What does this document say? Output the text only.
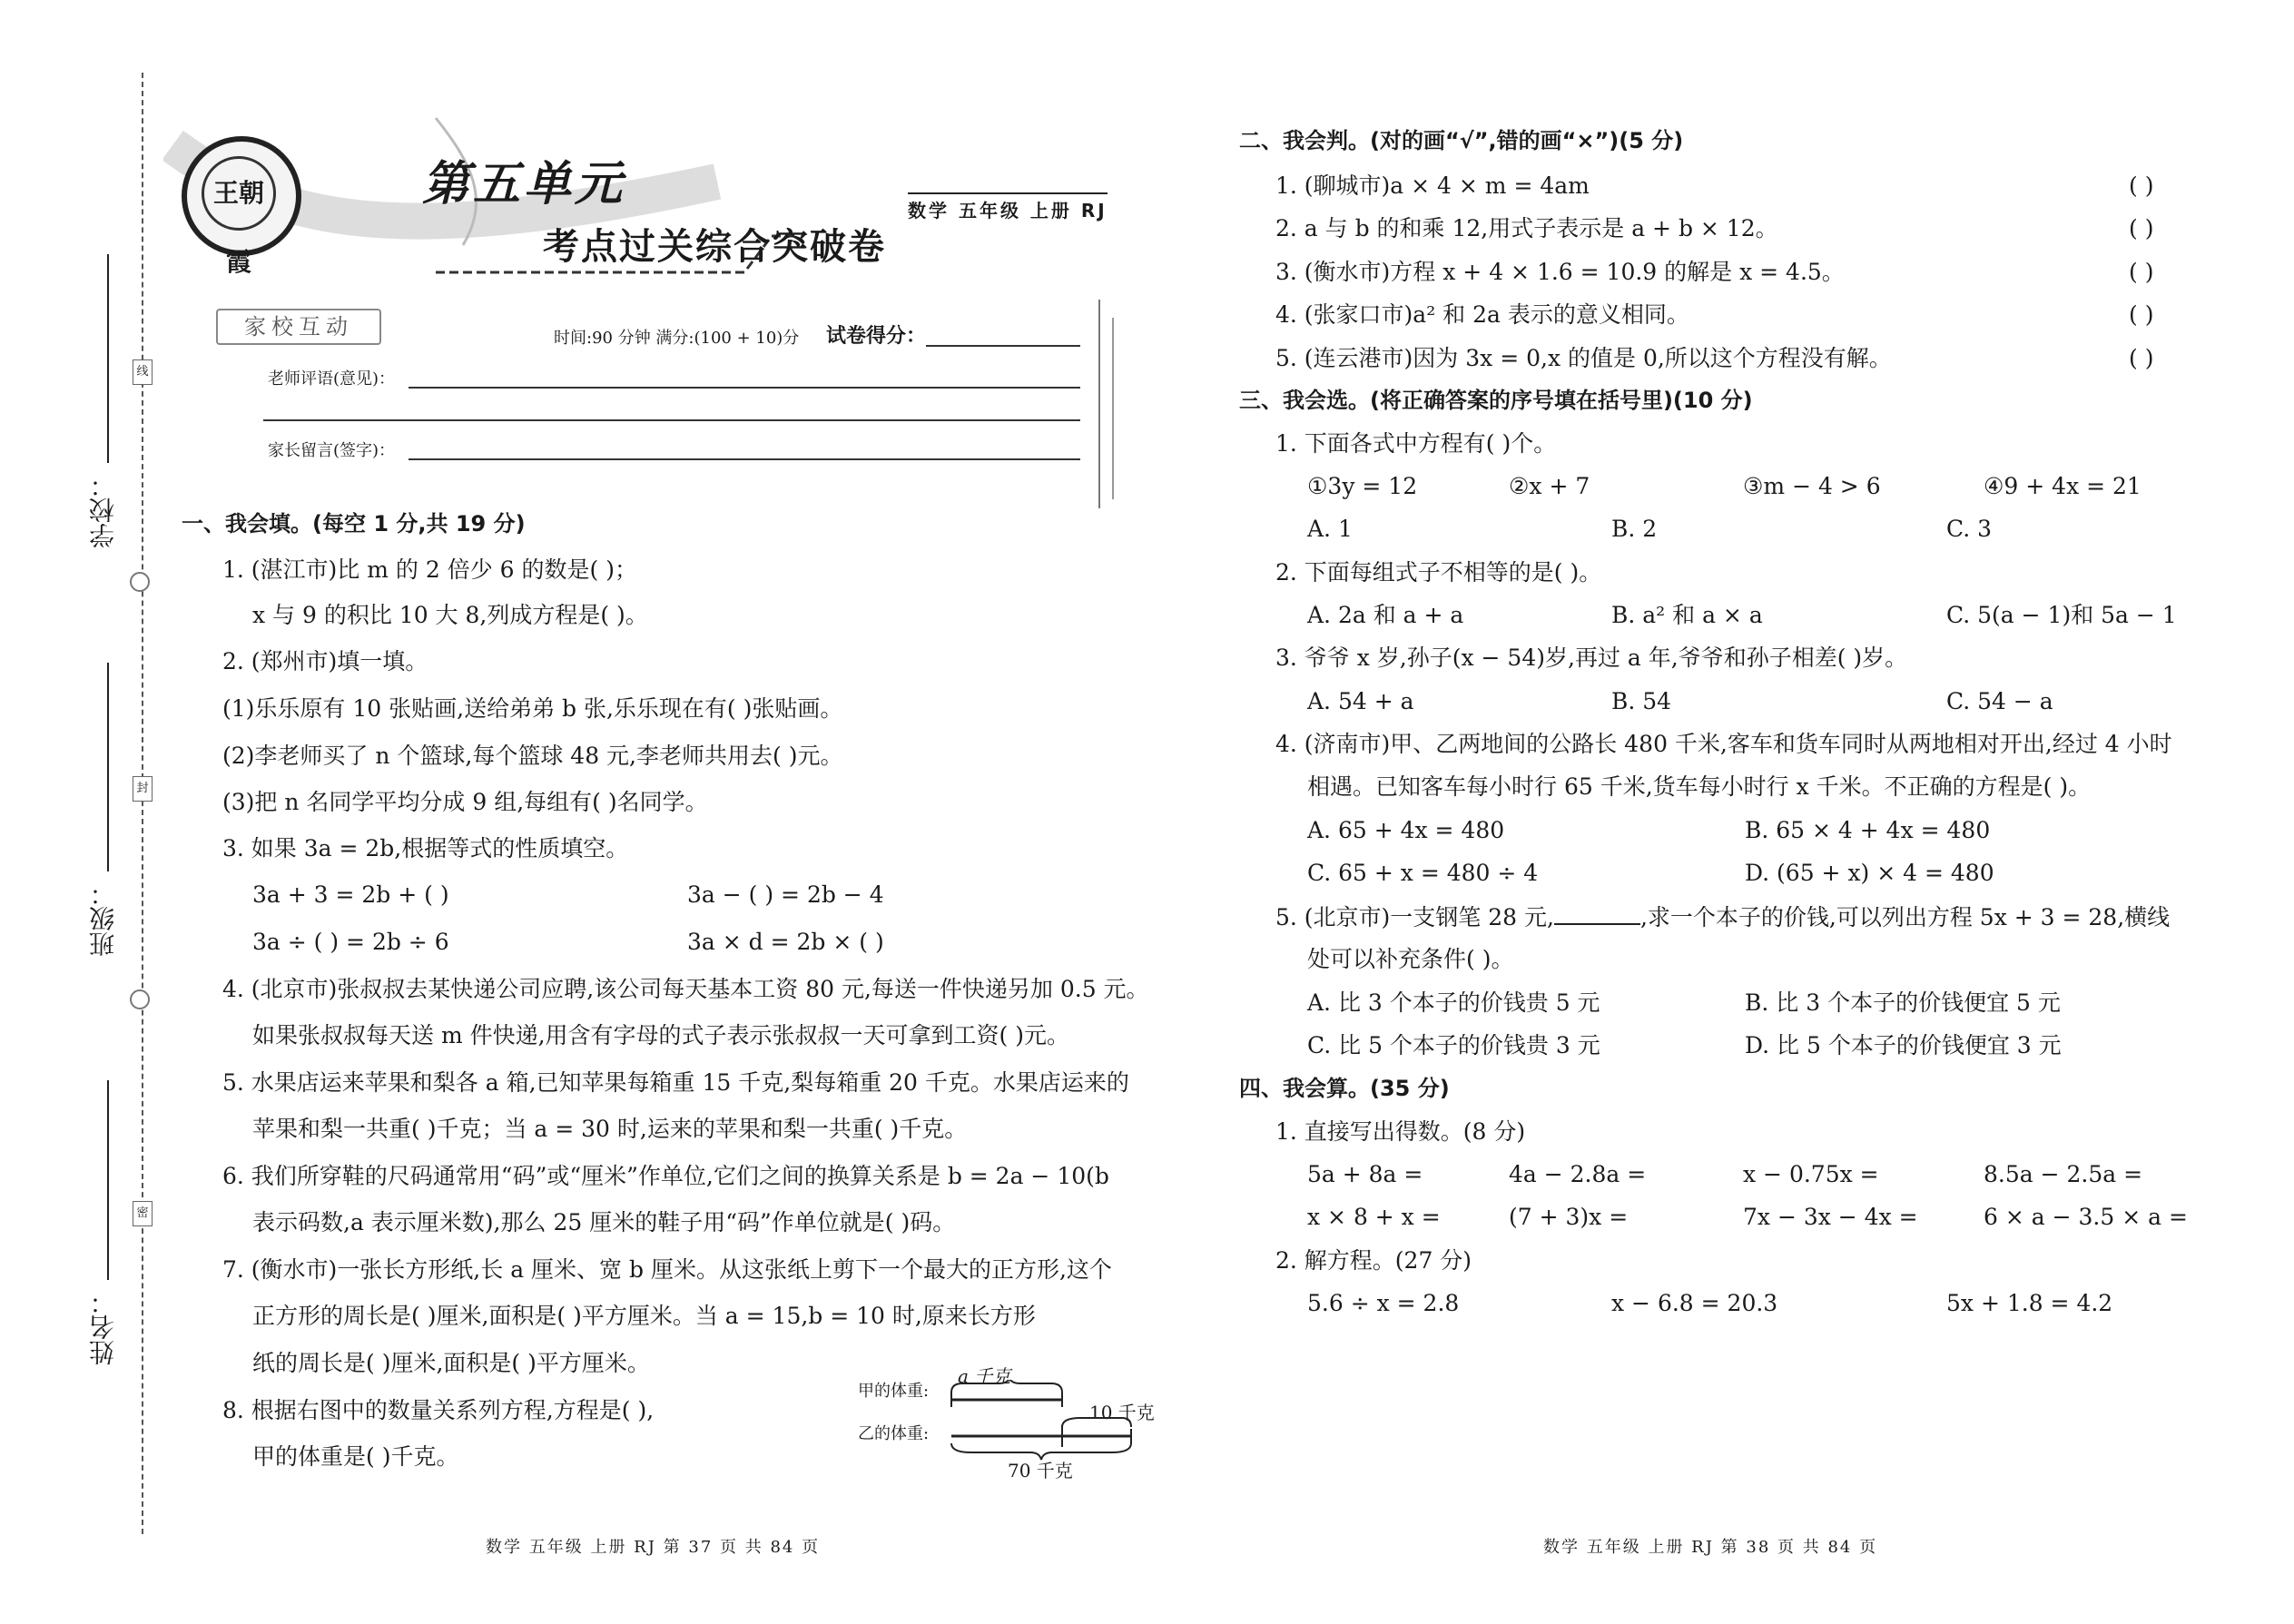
学校：
班级：
姓名：
线
封
密
王朝霞
第五单元
考点过关综合突破卷
数学 五年级 上册 RJ
家校互动	时间:90 分钟 满分:(100 + 10)分 试卷得分：
老师评语(意见)：
家长留言(签字)：
一、我会填。(每空 1 分,共 19 分)
1. (湛江市)比 m 的 2 倍少 6 的数是( )；
x 与 9 的积比 10 大 8,列成方程是( )。
2. (郑州市)填一填。
(1)乐乐原有 10 张贴画,送给弟弟 b 张,乐乐现在有( )张贴画。
(2)李老师买了 n 个篮球,每个篮球 48 元,李老师共用去( )元。
(3)把 n 名同学平均分成 9 组,每组有( )名同学。
3. 如果 3a = 2b,根据等式的性质填空。
3a + 3 = 2b + ( )	3a − ( ) = 2b − 4
3a ÷ ( ) = 2b ÷ 6	3a × d = 2b × ( )
4. (北京市)张叔叔去某快递公司应聘,该公司每天基本工资 80 元,每送一件快递另加 0.5 元。
如果张叔叔每天送 m 件快递,用含有字母的式子表示张叔叔一天可拿到工资( )元。
5. 水果店运来苹果和梨各 a 箱,已知苹果每箱重 15 千克,梨每箱重 20 千克。水果店运来的
苹果和梨一共重( )千克；当 a = 30 时,运来的苹果和梨一共重( )千克。
6. 我们所穿鞋的尺码通常用“码”或“厘米”作单位,它们之间的换算关系是 b = 2a − 10(b
表示码数,a 表示厘米数),那么 25 厘米的鞋子用“码”作单位就是( )码。
7. (衡水市)一张长方形纸,长 a 厘米、宽 b 厘米。从这张纸上剪下一个最大的正方形,这个
正方形的周长是( )厘米,面积是( )平方厘米。当 a = 15,b = 10 时,原来长方形
纸的周长是( )厘米,面积是( )平方厘米。
8. 根据右图中的数量关系列方程,方程是( ),
甲的体重是( )千克。
a 千克
甲的体重:
乙的体重:
10 千克
70 千克
二、我会判。(对的画“√”,错的画“×”)(5 分)
1. (聊城市)a × 4 × m = 4am	( )
2. a 与 b 的和乘 12,用式子表示是 a + b × 12。	( )
3. (衡水市)方程 x + 4 × 1.6 = 10.9 的解是 x = 4.5。	( )
4. (张家口市)a² 和 2a 表示的意义相同。	( )
5. (连云港市)因为 3x = 0,x 的值是 0,所以这个方程没有解。	( )
三、我会选。(将正确答案的序号填在括号里)(10 分)
1. 下面各式中方程有( )个。
①3y = 12	②x + 7	③m − 4 > 6	④9 + 4x = 21
A. 1	B. 2	C. 3
2. 下面每组式子不相等的是( )。
A. 2a 和 a + a	B. a² 和 a × a	C. 5(a − 1)和 5a − 1
3. 爷爷 x 岁,孙子(x − 54)岁,再过 a 年,爷爷和孙子相差( )岁。
A. 54 + a	B. 54	C. 54 − a
4. (济南市)甲、乙两地间的公路长 480 千米,客车和货车同时从两地相对开出,经过 4 小时
相遇。已知客车每小时行 65 千米,货车每小时行 x 千米。不正确的方程是( )。
A. 65 + 4x = 480	B. 65 × 4 + 4x = 480
C. 65 + x = 480 ÷ 4	D. (65 + x) × 4 = 480
5. (北京市)一支钢笔 28 元,	,求一个本子的价钱,可以列出方程 5x + 3 = 28,横线
处可以补充条件( )。
A. 比 3 个本子的价钱贵 5 元	B. 比 3 个本子的价钱便宜 5 元
C. 比 5 个本子的价钱贵 3 元	D. 比 5 个本子的价钱便宜 3 元
四、我会算。(35 分)
1. 直接写出得数。(8 分)
5a + 8a =	4a − 2.8a =	x − 0.75x =	8.5a − 2.5a =
x × 8 + x =	(7 + 3)x =	7x − 3x − 4x =	6 × a − 3.5 × a =
2. 解方程。(27 分)
5.6 ÷ x = 2.8	x − 6.8 = 20.3	5x + 1.8 = 4.2
数学 五年级 上册 RJ 第 37 页 共 84 页	数学 五年级 上册 RJ 第 38 页 共 84 页
